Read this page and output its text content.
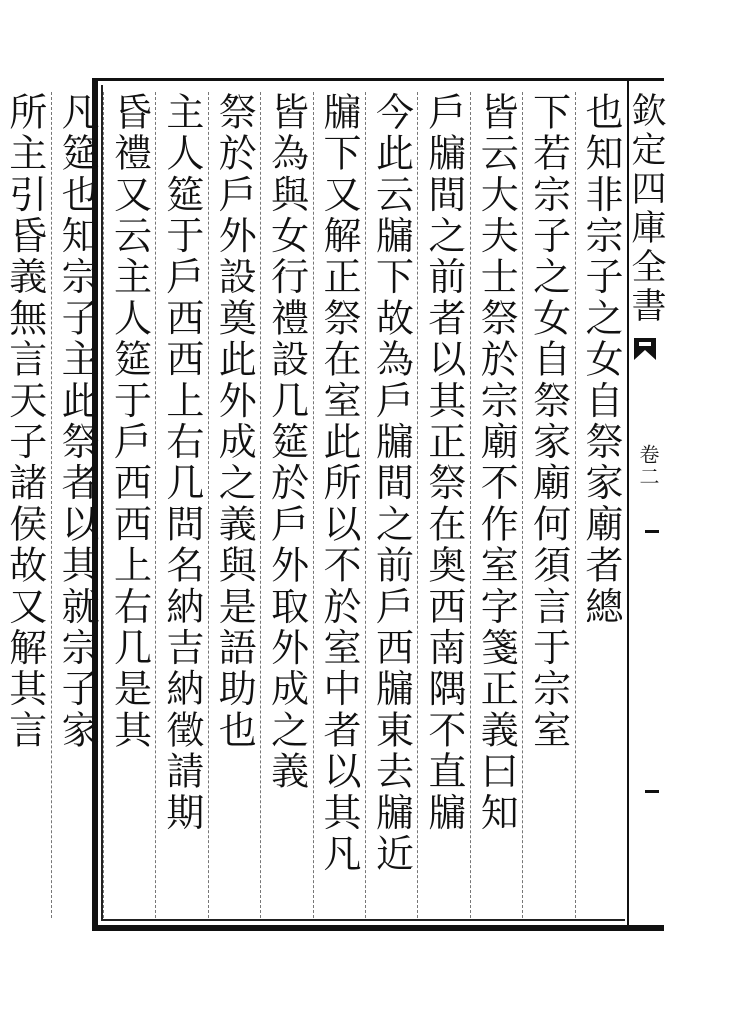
欽定四庫全書
卷二
也知非宗子之女自祭家廟者總
下若宗子之女自祭家廟何須言于宗室
皆云大夫士祭於宗廟不作室字箋正義曰知
戶牖間之前者以其正祭在奥西南隅不直牖
今此云牖下故為戶牖間之前戶西牖東去牖近
牖下又解正祭在室此所以不於室中者以其凡
皆為與女行禮設几筵於戶外取外成之義
祭於戶外設奠此外成之義與是語助也
主人筵于戶西西上右几問名納吉納徵請期
昏禮又云主人筵于戶西西上右几是其
凡筵也知宗子主此祭者以其就宗子家
所主引昏義無言天子諸侯故又解其言
